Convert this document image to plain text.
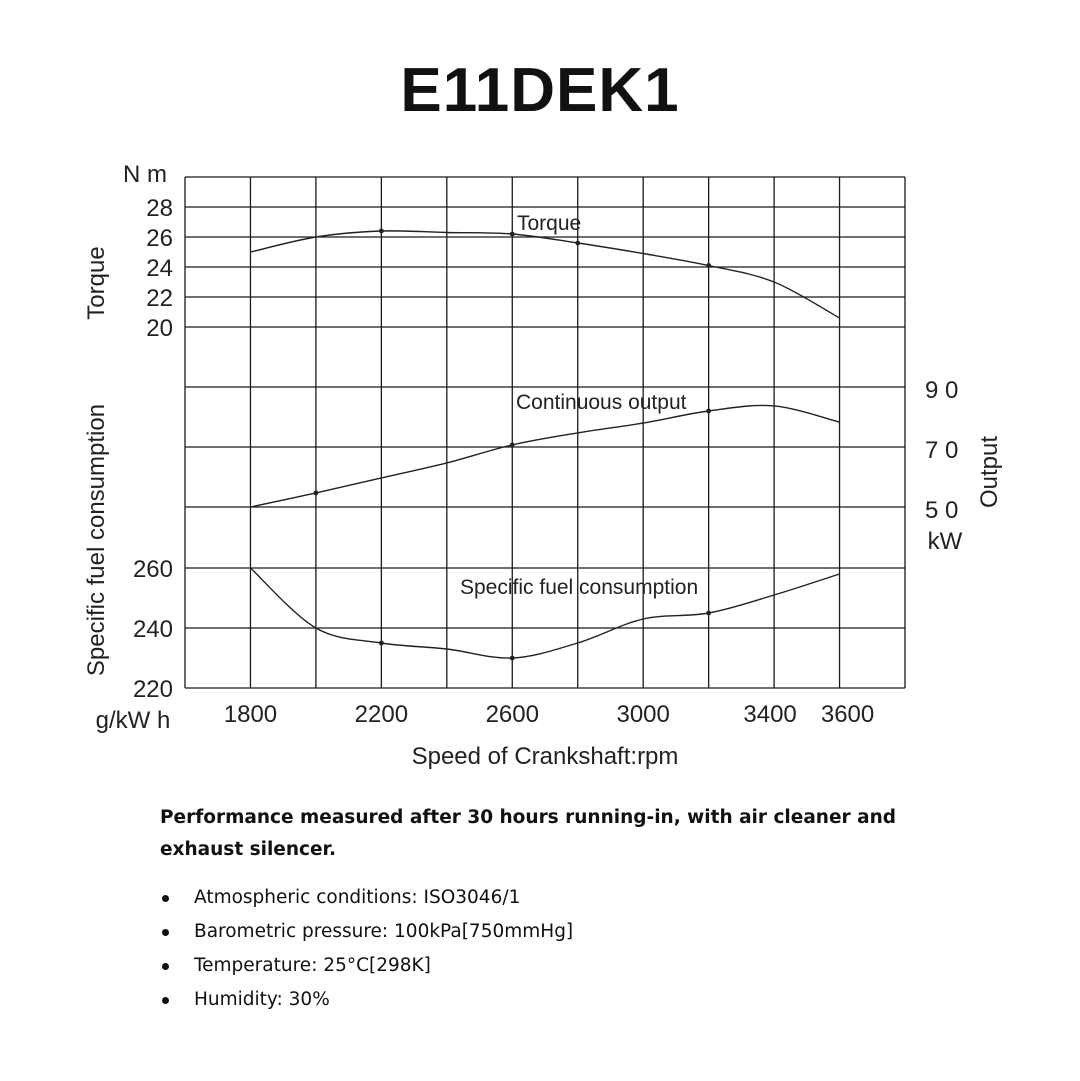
E11DEK1
N m
Torque
Specific fuel consumption
g/kW h
Output
kW
Speed of Crankshaft:rpm
Torque
Continuous output
Specific fuel consumption
1800	2200	2600	3000	3400 3600
20
22
24
26
28
220
240
260
5 0
7 0
9 0
Performance measured after 30 hours running-in, with air cleaner and exhaust silencer.
Atmospheric conditions: ISO3046/1
Barometric pressure: 100kPa[750mmHg]
Temperature: 25°C[298K]
Humidity: 30%
